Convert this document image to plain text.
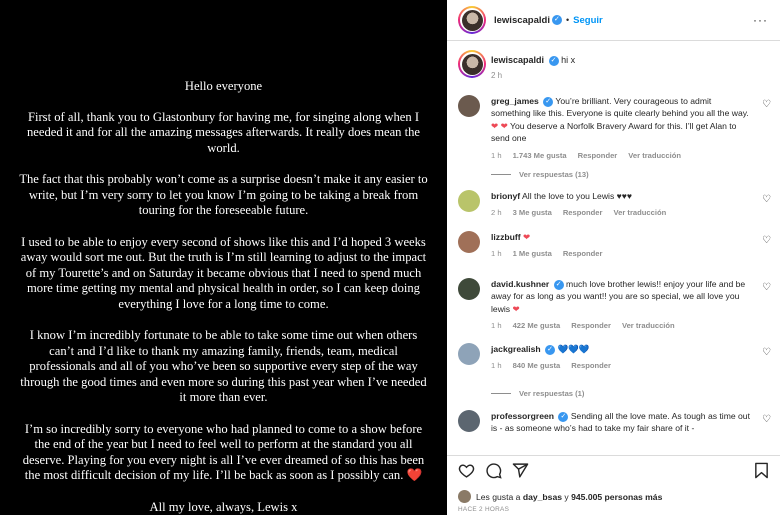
Hello everyone

First of all, thank you to Glastonbury for having me, for singing along when I needed it and for all the amazing messages afterwards. It really does mean the world.

The fact that this probably won’t come as a surprise doesn’t make it any easier to write, but I’m very sorry to let you know I’m going to be taking a break from touring for the foreseeable future.

I used to be able to enjoy every second of shows like this and I’d hoped 3 weeks away would sort me out. But the truth is I’m still learning to adjust to the impact of my Tourette’s and on Saturday it became obvious that I need to spend much more time getting my mental and physical health in order, so I can keep doing everything I love for a long time to come.

I know I’m incredibly fortunate to be able to take some time out when others can’t and I’d like to thank my amazing family, friends, team, medical professionals and all of you who’ve been so supportive every step of the way through the good times and even more so during this past year when I’ve needed it more than ever.

I’m so incredibly sorry to everyone who had planned to come to a show before the end of the year but I need to feel well to perform at the standard you all deserve. Playing for you every night is all I’ve ever dreamed of so this has been the most difficult decision of my life. I’ll be back as soon as I possibly can. ❤️

All my love, always, Lewis x

lewiscapaldi ✓ • Seguir	···
lewiscapaldi ✓ hi x
2 h
greg_james ✓ You’re brilliant. Very courageous to admit something like this. Everyone is quite clearly behind you all the way. ❤ ❤ You deserve a Norfolk Bravery Award for this. I’ll get Alan to send one
1 h 1.743 Me gusta Responder Ver traducción
♡
Ver respuestas (13)
brionyf All the love to you Lewis ♥♥♥
2 h 3 Me gusta Responder Ver traducción
♡
lizzbuff ❤
1 h 1 Me gusta Responder
♡
david.kushner ✓ much love brother lewis!! enjoy your life and be away for as long as you want!! you are so special, we all love you lewis ❤
1 h 422 Me gusta Responder Ver traducción
♡
jackgrealish ✓ 💙💙💙
1 h 840 Me gusta Responder
♡
Ver respuestas (1)
professorgreen ✓ Sending all the love mate. As tough as time out is - as someone who’s had to take my fair share of it -
♡
Les gusta a
day_bsas
y
945.005 personas más
HACE 2 HORAS
